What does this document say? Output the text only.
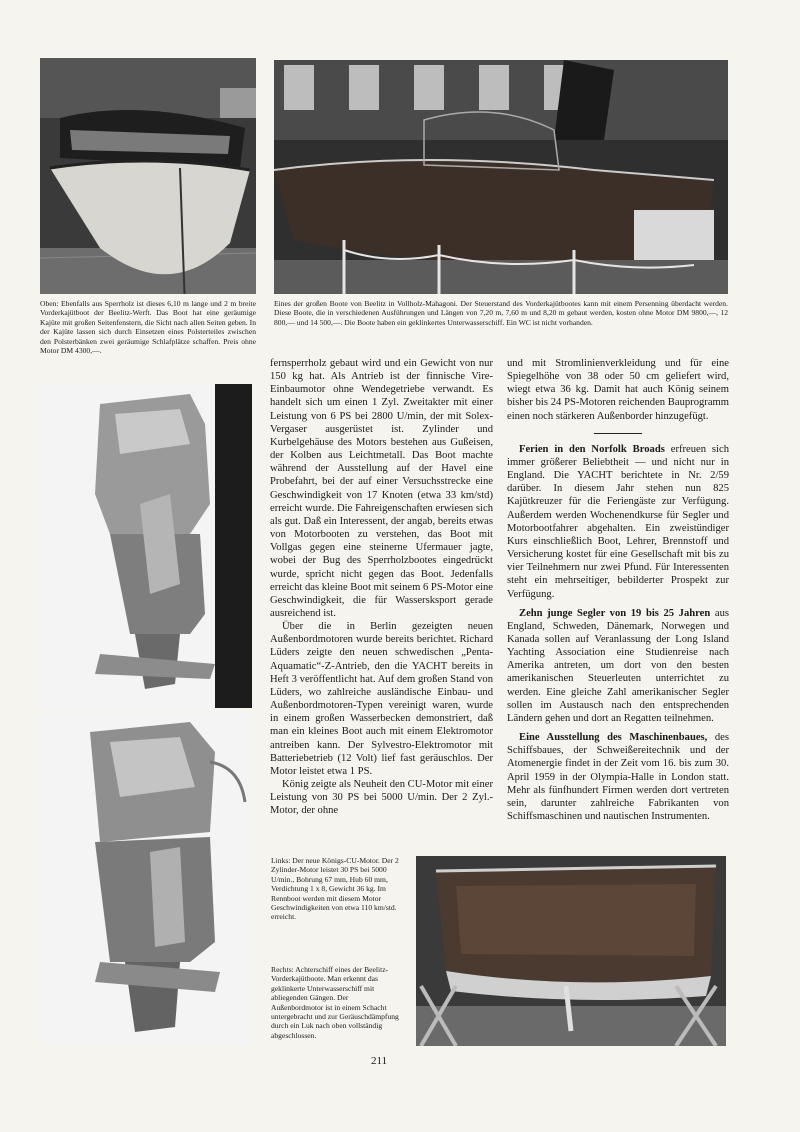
Oben: Ebenfalls aus Sperrholz ist dieses 6,10 m lange und 2 m breite Vorderkajütboot der Beelitz-Werft. Das Boot hat eine geräumige Kajüte mit großen Seitenfenstern, die Sicht nach allen Seiten geben. In der Kajüte lassen sich durch Einsetzen eines Polsterteiles zwischen den Polsterbänken zwei geräumige Schlafplätze schaffen. Preis ohne Motor DM 4300,—.

Eines der großen Boote von Beelitz in Vollholz-Mahagoni. Der Steuerstand des Vorderkajütbootes kann mit einem Persenning überdacht werden. Diese Boote, die in verschiedenen Ausführungen und Längen von 7,20 m, 7,60 m und 8,20 m gebaut werden, kosten ohne Motor DM 9800,—, 12 800,— und 14 500,—. Die Boote haben ein geklinkertes Unterwasserschiff. Ein WC ist nicht vorhanden.

fernsperrholz gebaut wird und ein Gewicht von nur 150 kg hat. Als Antrieb ist der finnische Vire-Einbaumotor ohne Wendegetriebe verwandt. Es handelt sich um einen 1 Zyl. Zweitakter mit einer Leistung von 6 PS bei 2800 U/min, der mit Solex-Vergaser ausgerüstet ist. Zylinder und Kurbelgehäuse des Motors bestehen aus Gußeisen, der Kolben aus Leichtmetall. Das Boot machte während der Ausstellung auf der Havel eine Probefahrt, bei der auf einer Versuchsstrecke eine Geschwindigkeit von 17 Knoten (etwa 33 km/std) erreicht wurde. Die Fahreigenschaften erwiesen sich als gut. Daß ein Interessent, der angab, bereits etwas von Motorbooten zu verstehen, das Boot mit Vollgas gegen eine steinerne Ufermauer jagte, wobei der Bug des Sperrholzbootes eingedrückt wurde, spricht nicht gegen das Boot. Jedenfalls erreicht das kleine Boot mit seinem 6 PS-Motor eine Geschwindigkeit, die für Wassersksport gerade ausreichend ist.

Über die in Berlin gezeigten neuen Außenbordmotoren wurde bereits berichtet. Richard Lüders zeigte den neuen schwedischen „Penta-Aquamatic“-Z-Antrieb, den die YACHT bereits in Heft 3 veröffentlicht hat. Auf dem großen Stand von Lüders, wo zahlreiche ausländische Einbau- und Außenbordmotoren-Typen vereinigt waren, wurde in einem großen Wasserbecken demonstriert, daß man ein kleines Boot auch mit einem Elektromotor antreiben kann. Der Sylvestro-Elektromotor mit Batteriebetrieb (12 Volt) lief fast geräuschlos. Der Motor leistet etwa 1 PS.

König zeigte als Neuheit den CU-Motor mit einer Leistung von 30 PS bei 5000 U/min. Der 2 Zyl.-Motor, der ohne

Links: Der neue Königs-CU-Motor. Der 2 Zylinder-Motor leistet 30 PS bei 5000 U/min., Bohrung 67 mm, Hub 60 mm, Verdichtung 1 x 8, Gewicht 36 kg. Im Rennboot werden mit diesem Motor Geschwindigkeiten von etwa 110 km/std. erreicht.

Rechts: Achterschiff eines der Beelitz-Vorderkajütboote. Man erkennt das geklinkerte Unterwasserschiff mit abliegenden Gängen. Der Außenbordmotor ist in einem Schacht untergebracht und zur Geräuschdämpfung durch ein Luk nach oben vollständig abgeschlossen.

und mit Stromlinienverkleidung und für eine Spiegelhöhe von 38 oder 50 cm geliefert wird, wiegt etwa 36 kg. Damit hat auch König seinem bisher bis 24 PS-Motoren reichenden Bauprogramm einen noch stärkeren Außenborder hinzugefügt.

Ferien in den Norfolk Broads erfreuen sich immer größerer Beliebtheit — und nicht nur in England. Die YACHT berichtete in Nr. 2/59 darüber. In diesem Jahr stehen nun 825 Kajütkreuzer für die Feriengäste zur Verfügung. Außerdem werden Wochenendkurse für Segler und Motorbootfahrer abgehalten. Ein zweistündiger Kurs einschließlich Boot, Lehrer, Brennstoff und Versicherung kostet für eine Gesellschaft mit bis zu vier Teilnehmern nur zwei Pfund. Für Interessenten steht ein mehrseitiger, bebilderter Prospekt zur Verfügung.

Zehn junge Segler von 19 bis 25 Jahren aus England, Schweden, Dänemark, Norwegen und Kanada sollen auf Veranlassung der Long Island Yachting Association eine Studienreise nach Amerika antreten, um dort von den besten amerikanischen Steuerleuten unterrichtet zu werden. Eine gleiche Zahl amerikanischer Segler sollen im Austausch nach den entsprechenden Ländern gehen und dort an Regatten teilnehmen.

Eine Ausstellung des Maschinenbaues, des Schiffsbaues, der Schweißereitechnik und der Atomenergie findet in der Zeit vom 16. bis zum 30. April 1959 in der Olympia-Halle in London statt. Mehr als fünfhundert Firmen werden dort vertreten sein, darunter zahlreiche Fabrikanten von Schiffsmaschinen und nautischen Instrumenten.

211
